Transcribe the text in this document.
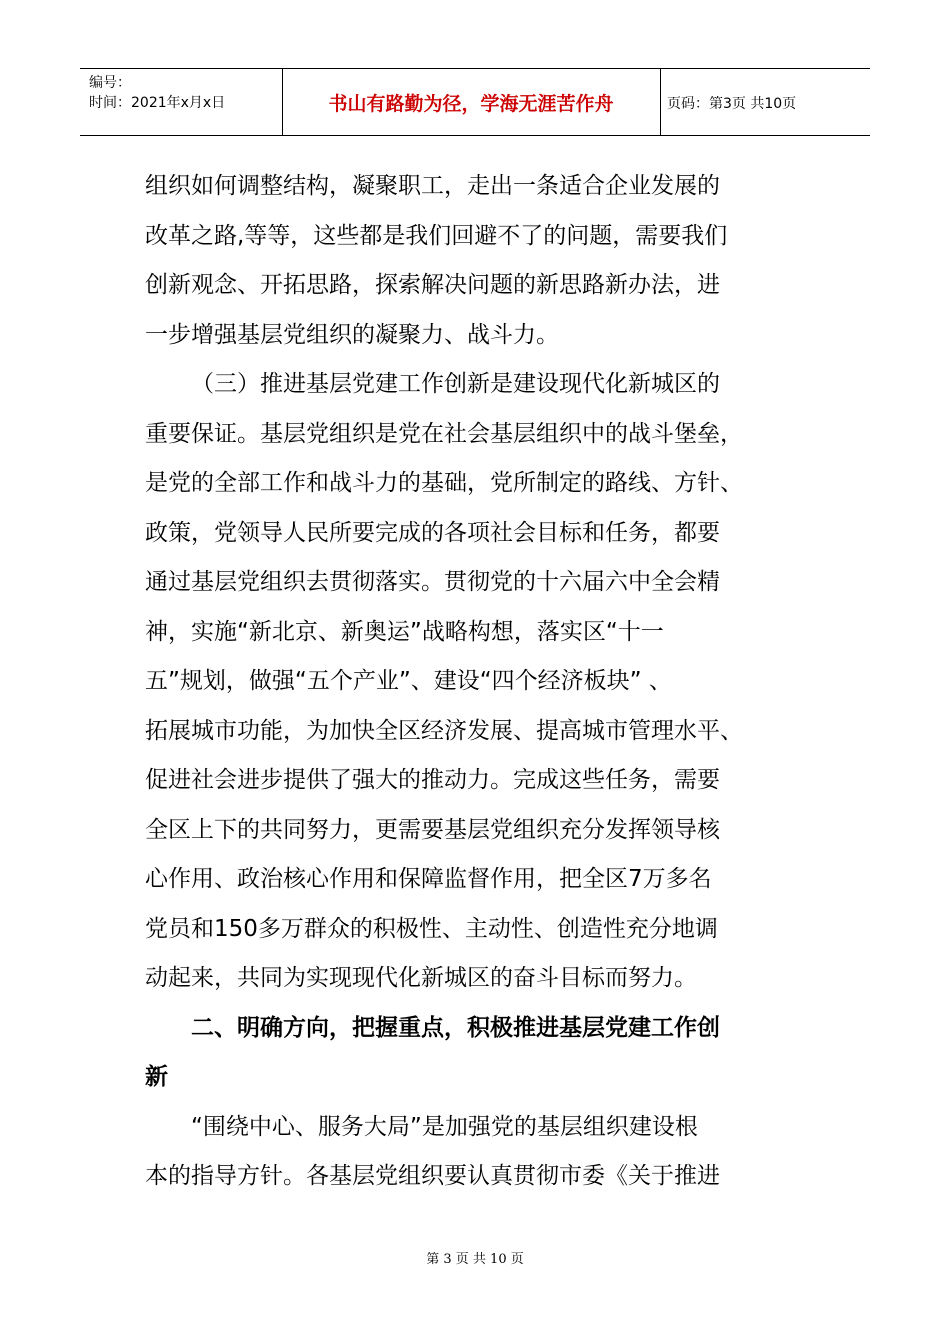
编号：
时间：2021年x月x日	书山有路勤为径，学海无涯苦作舟	页码：第3页 共10页

组织如何调整结构，凝聚职工，走出一条适合企业发展的

改革之路,等等，这些都是我们回避不了的问题，需要我们

创新观念、开拓思路，探索解决问题的新思路新办法，进

一步增强基层党组织的凝聚力、战斗力。

（三）推进基层党建工作创新是建设现代化新城区的

重要保证。基层党组织是党在社会基层组织中的战斗堡垒，

是党的全部工作和战斗力的基础，党所制定的路线、方针、

政策，党领导人民所要完成的各项社会目标和任务，都要

通过基层党组织去贯彻落实。贯彻党的十六届六中全会精

神，实施“新北京、新奥运”战略构想，落实区“十一

五”规划，做强“五个产业”、建设“四个经济板块” 、

拓展城市功能，为加快全区经济发展、提高城市管理水平、

促进社会进步提供了强大的推动力。完成这些任务，需要

全区上下的共同努力，更需要基层党组织充分发挥领导核

心作用、政治核心作用和保障监督作用，把全区7万多名

党员和150多万群众的积极性、主动性、创造性充分地调

动起来，共同为实现现代化新城区的奋斗目标而努力。

二、明确方向，把握重点，积极推进基层党建工作创

新

“围绕中心、服务大局”是加强党的基层组织建设根

本的指导方针。各基层党组织要认真贯彻市委《关于推进

第 3 页 共 10 页
